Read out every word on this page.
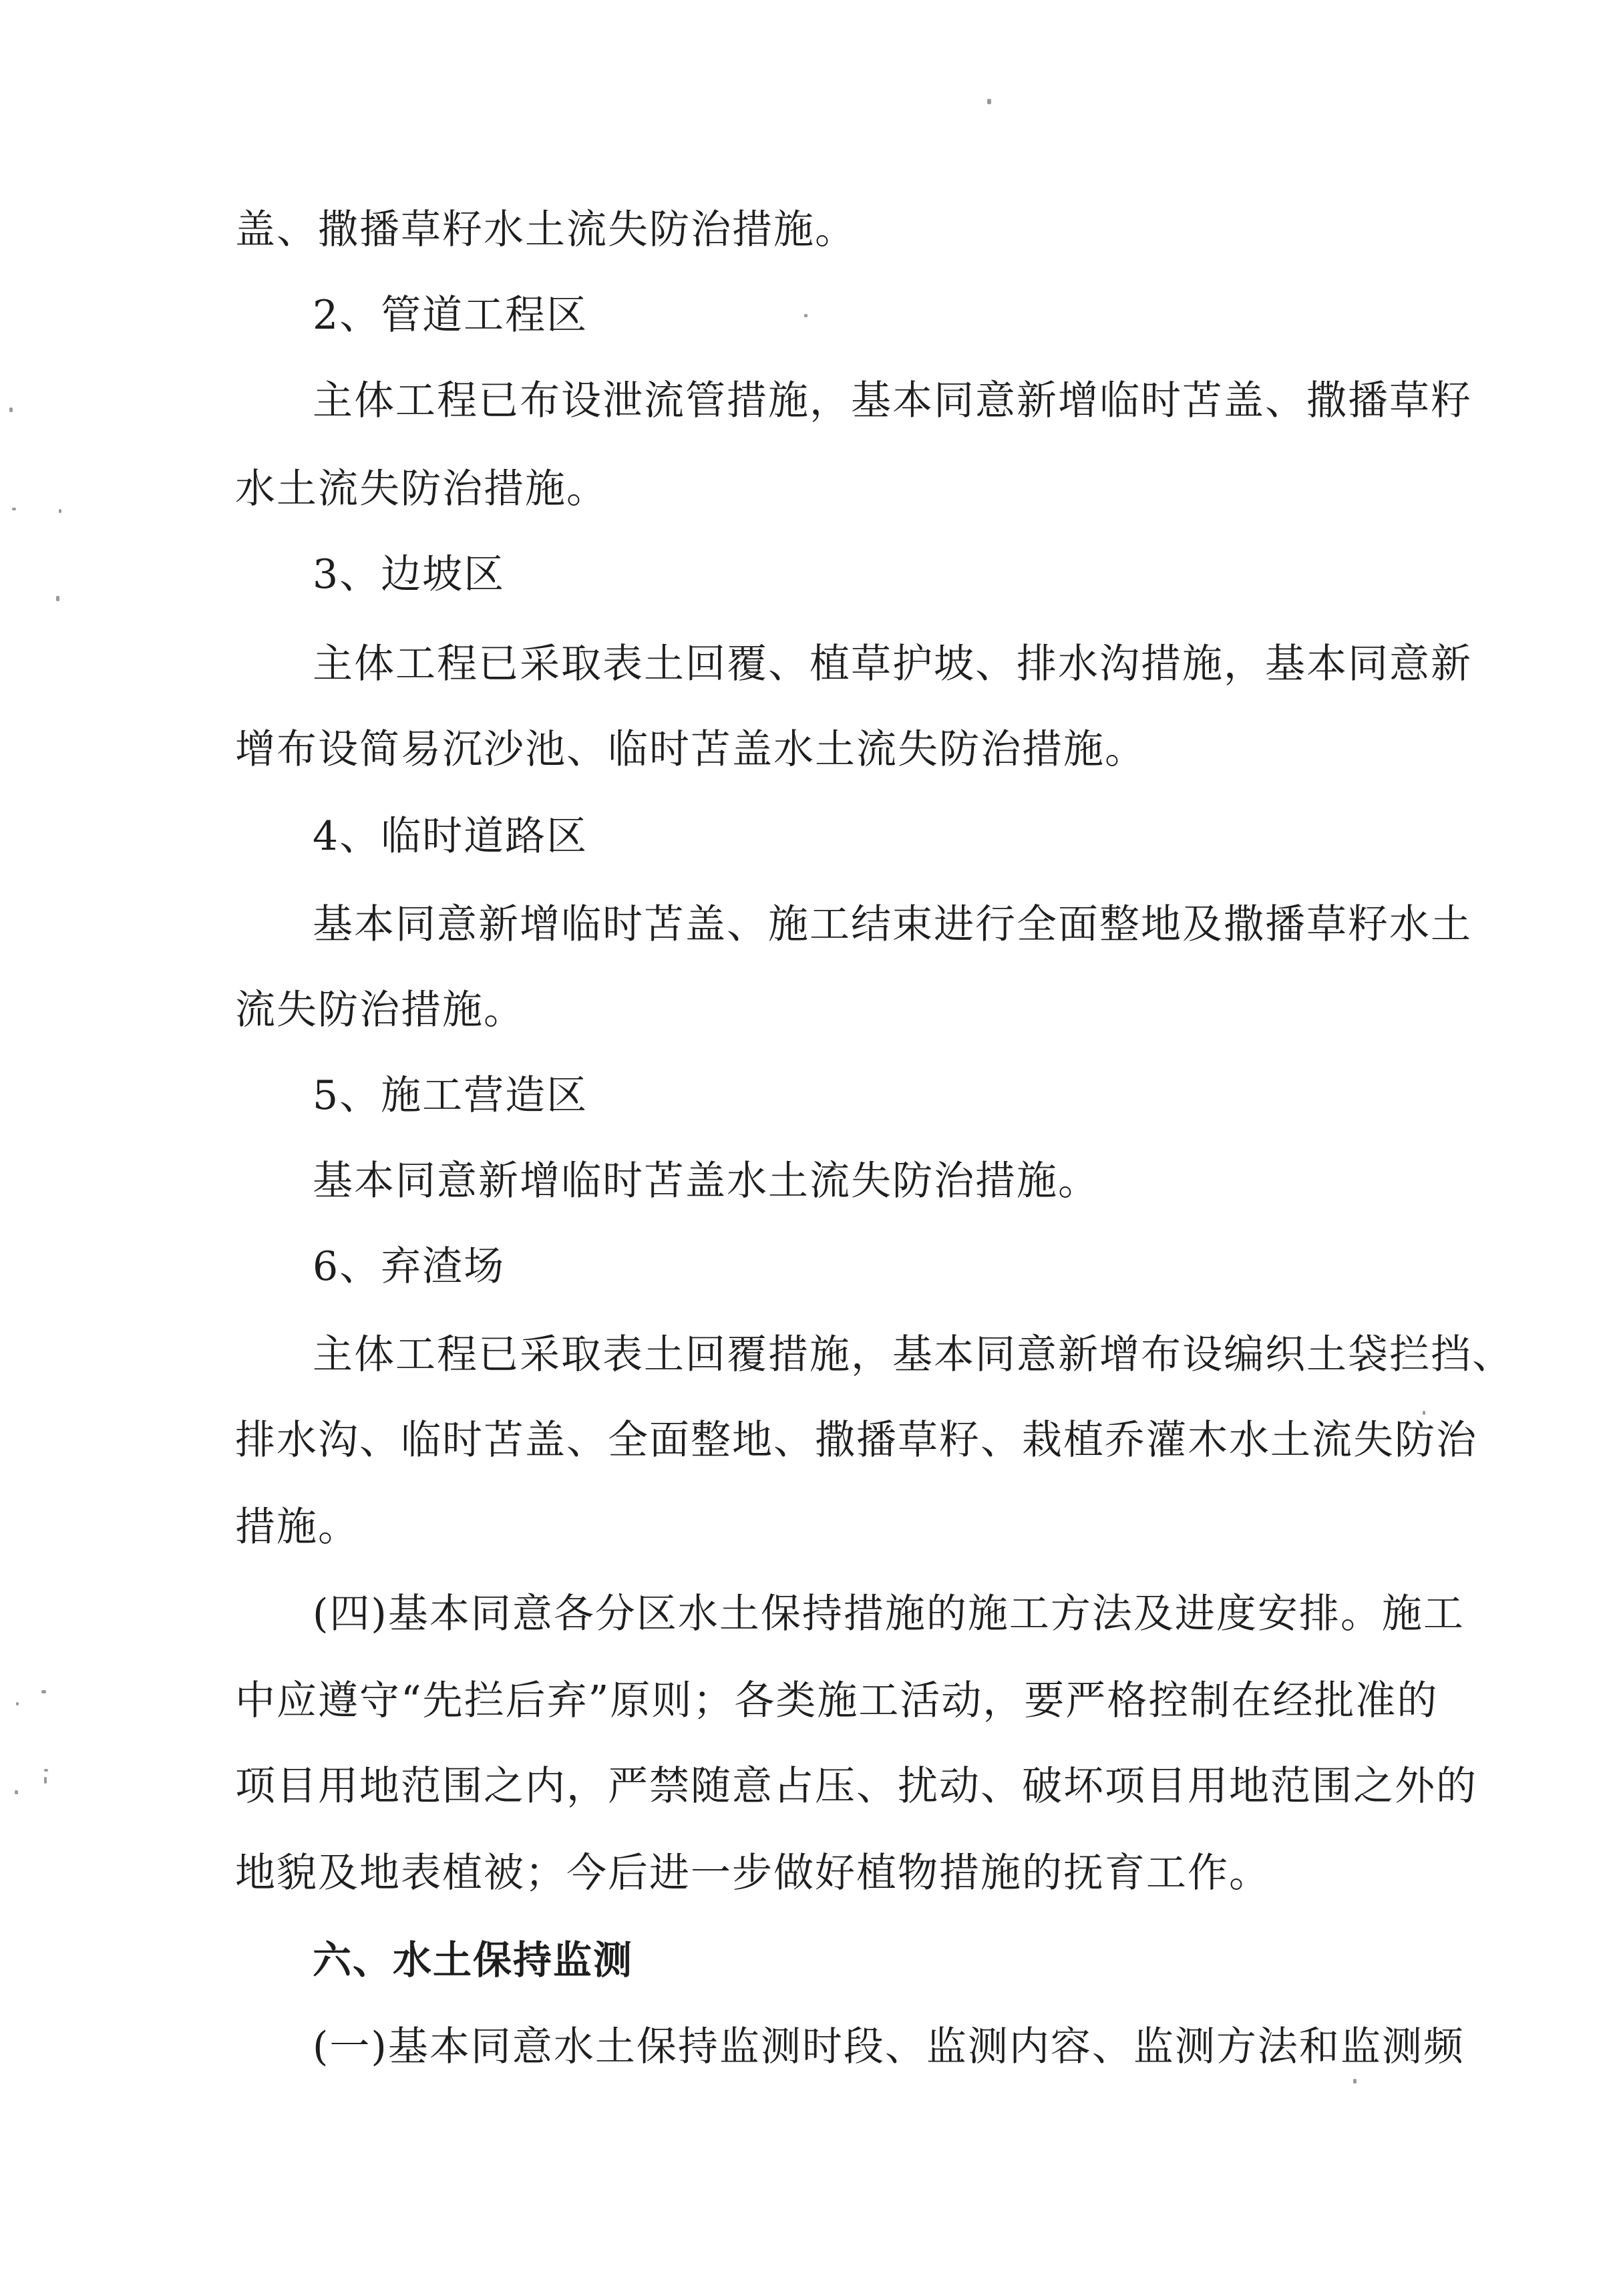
盖、撒播草籽水土流失防治措施。
2、管道工程区
主体工程已布设泄流管措施，基本同意新增临时苫盖、撒播草籽
水土流失防治措施。
3、边坡区
主体工程已采取表土回覆、植草护坡、排水沟措施，基本同意新
增布设简易沉沙池、临时苫盖水土流失防治措施。
4、临时道路区
基本同意新增临时苫盖、施工结束进行全面整地及撒播草籽水土
流失防治措施。
5、施工营造区
基本同意新增临时苫盖水土流失防治措施。
6、弃渣场
主体工程已采取表土回覆措施，基本同意新增布设编织土袋拦挡、
排水沟、临时苫盖、全面整地、撒播草籽、栽植乔灌木水土流失防治
措施。
(四)基本同意各分区水土保持措施的施工方法及进度安排。施工
中应遵守“先拦后弃”原则；各类施工活动，要严格控制在经批准的
项目用地范围之内，严禁随意占压、扰动、破坏项目用地范围之外的
地貌及地表植被；今后进一步做好植物措施的抚育工作。
六、水土保持监测
(一)基本同意水土保持监测时段、监测内容、监测方法和监测频
